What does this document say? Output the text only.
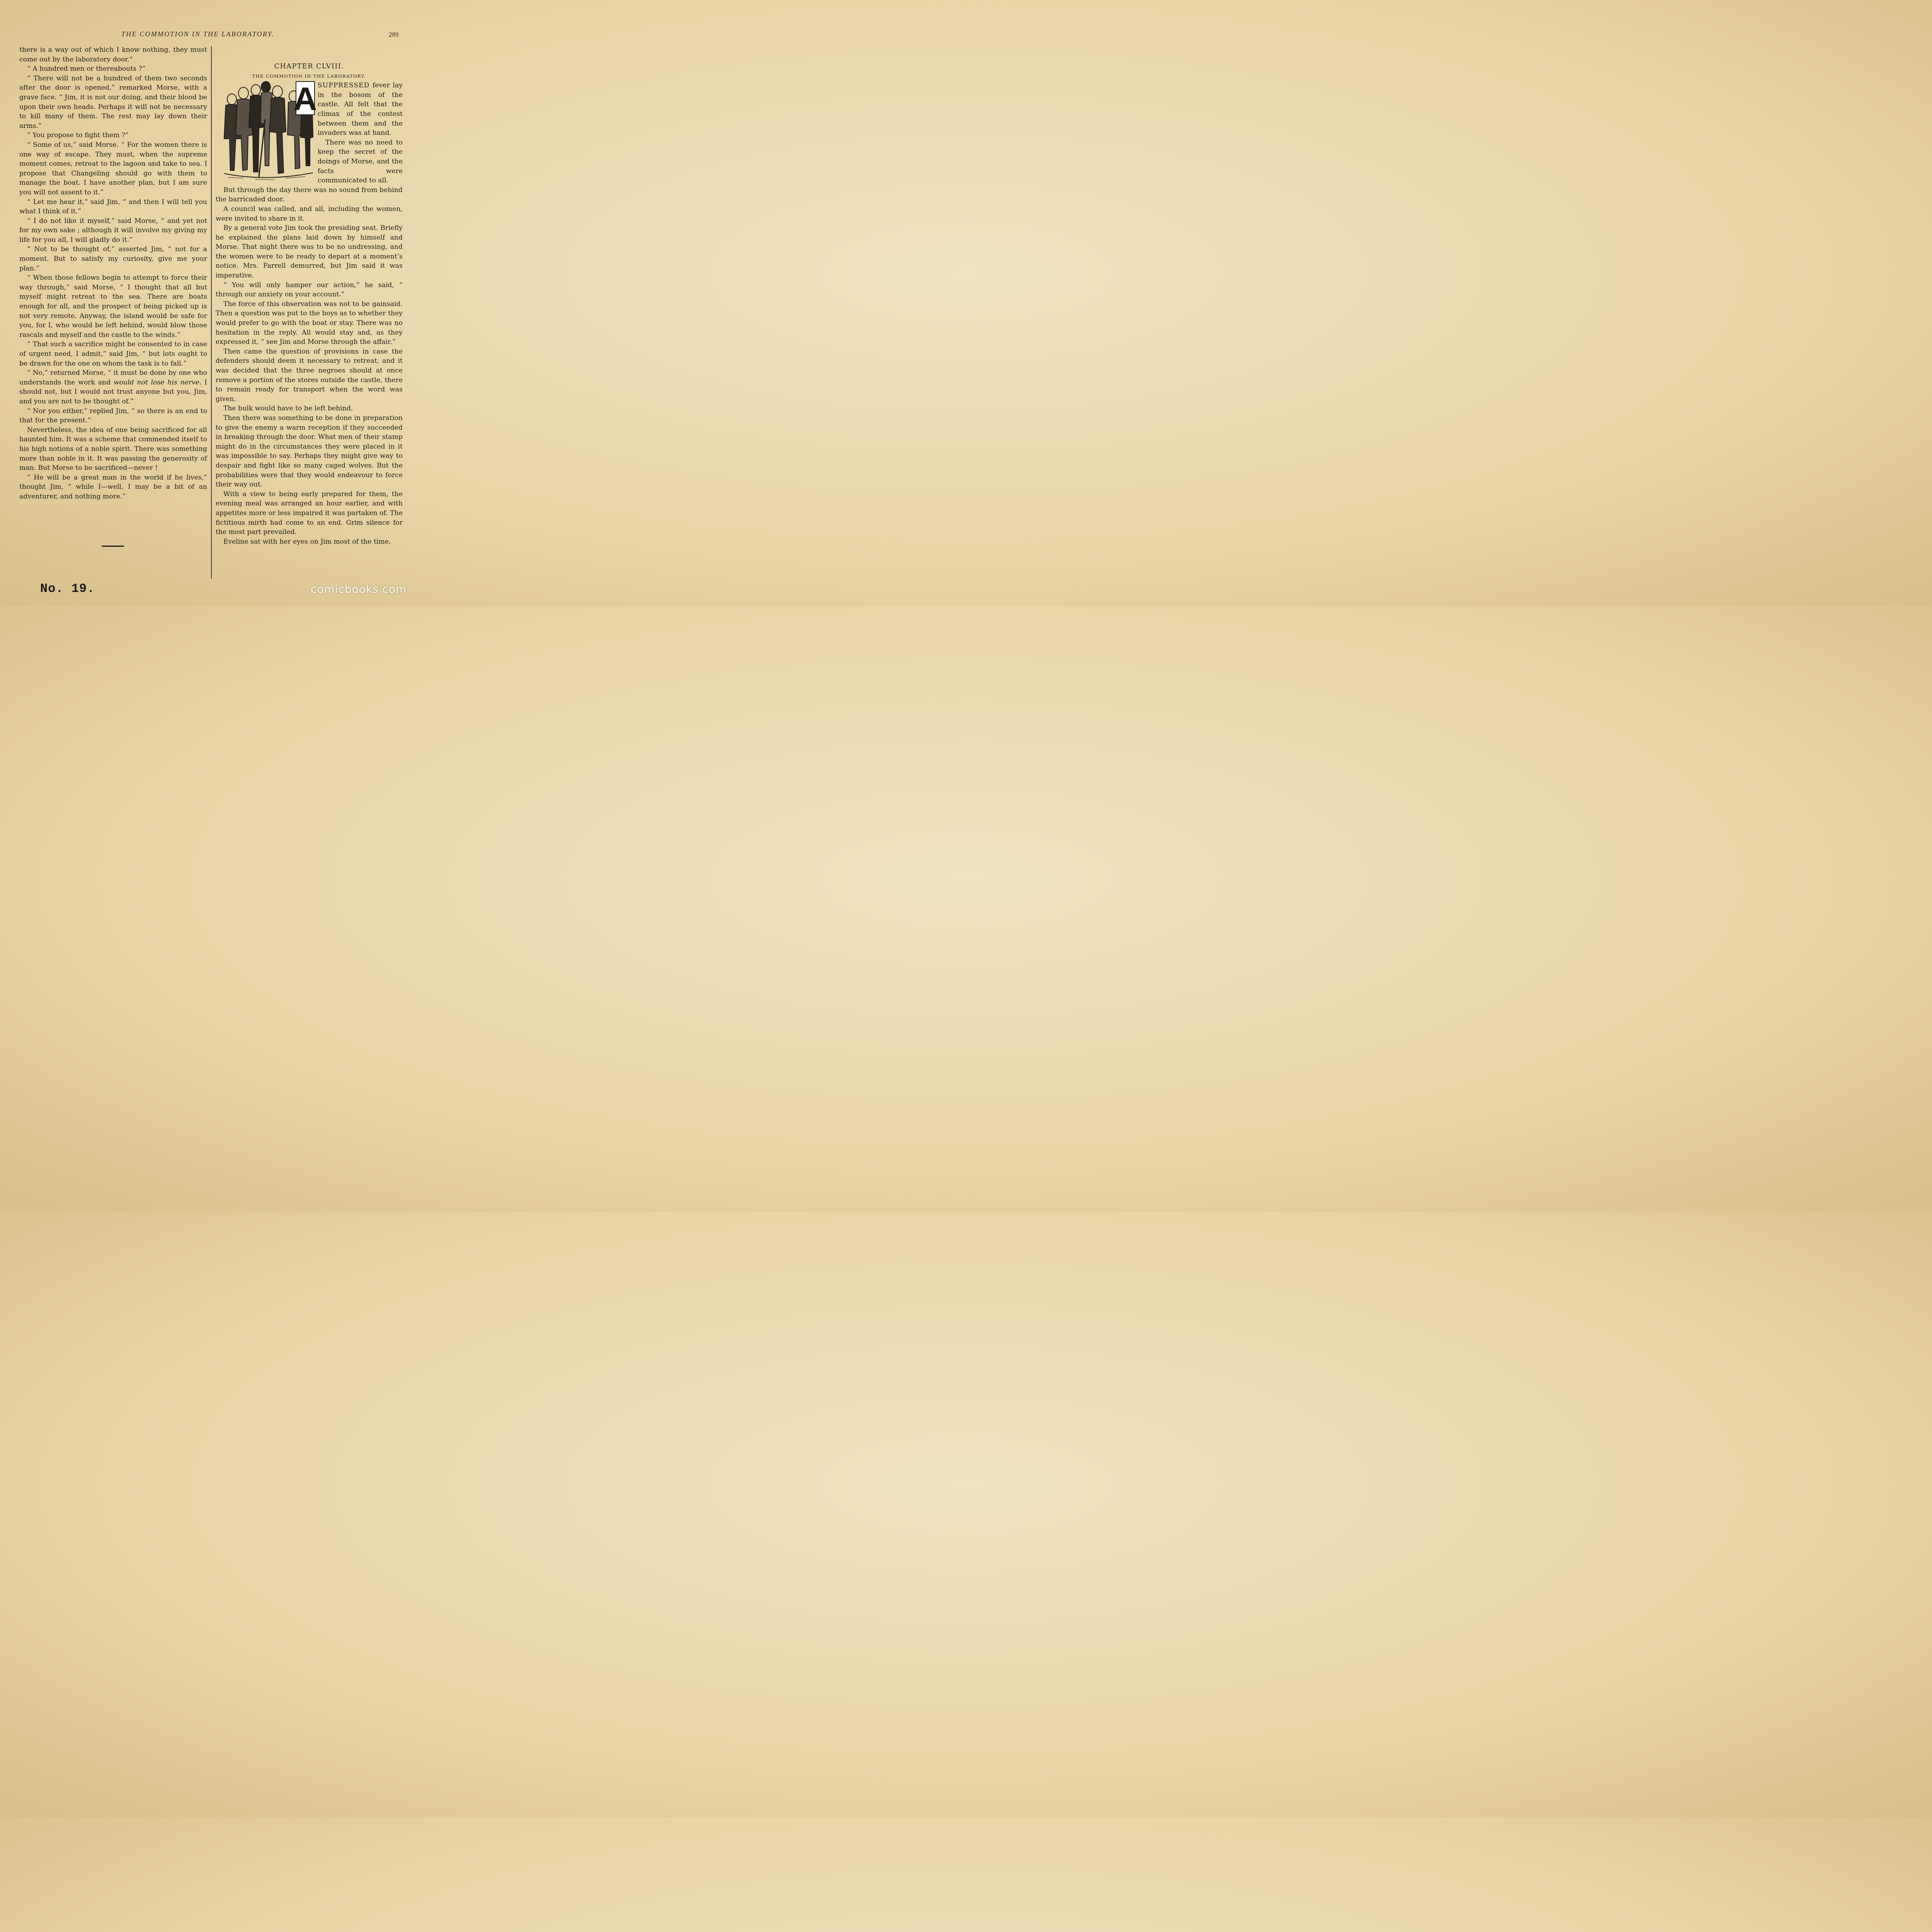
THE COMMOTION IN THE LABORATORY.	289

there is a way out of which I know nothing, they must come out by the laboratory door."

“ A hundred men or thereabouts ?”

“ There will not be a hundred of them two seconds after the door is opened,” remarked Morse, with a grave face. “ Jim, it is not our doing, and their blood be upon their own heads. Perhaps it will not be necessary to kill many of them. The rest may lay down their arms.”

“ You propose to fight them ?”

“ Some of us,” said Morse. “ For the women there is one way of escape. They must, when the supreme moment comes, retreat to the lagoon and take to sea. I propose that Changeling should go with them to manage the boat. I have another plan, but I am sure you will not assent to it.”

“ Let me hear it,” said Jim, “ and then I will tell you what I think of it.”

“ I do not like it myself,” said Morse, “ and yet not for my own sake ; although it will involve my giving my life for you all, I will gladly do it.”

“ Not to be thought of,” asserted Jim, “ not for a moment. But to satisfy my curiosity, give me your plan.”

“ When those fellows begin to attempt to force their way through,” said Morse, “ I thought that all but myself might retreat to the sea. There are boats enough for all, and the prospect of being picked up is not very remote. Anyway, the island would be safe for you, for I, who would be left behind, would blow those rascals and myself and the castle to the winds.”

“ That such a sacrifice might be consented to in case of urgent need, I admit,” said Jim, “ but lots ought to be drawn for the one on whom the task is to fall.”

“ No,” returned Morse, “ it must be done by one who understands the work and would not lose his nerve. I should not, but I would not trust anyone but you, Jim, and you are not to be thought of.”

“ Nor you either,” replied Jim, “ so there is an end to that for the present.”

Nevertheless, the idea of one being sacrificed for all haunted him. It was a scheme that commended itself to his high notions of a noble spirit. There was something more than noble in it. It was passing the generosity of man. But Morse to be sacrificed—never !

“ He will be a great man in the world if he lives,” thought Jim, “ while I—well, I may be a bit of an adventurer, and nothing more.”

CHAPTER CLVIII.

THE COMMOTION IN THE LABORATORY.

A SUPPRESSED fever lay in the bosom of the castle. All felt that the climax of the contest between them and the invaders was at hand.

There was no need to keep the secret of the doings of Morse, and the facts were communicated to all.

But through the day there was no sound from behind the barricaded door.

A council was called, and all, including the women, were invited to share in it.

By a general vote Jim took the presiding seat. Briefly he explained the plans laid down by himself and Morse. That night there was to be no undressing, and the women were to be ready to depart at a moment’s notice. Mrs. Farrell demurred, but Jim said it was imperative.

“ You will only hamper our action,” he said, “ through our anxiety on your account.”

The force of this observation was not to be gainsaid. Then a question was put to the boys as to whether they would prefer to go with the boat or stay. There was no hesitation in the reply. All would stay and, as they expressed it, “ see Jim and Morse through the affair.”

Then came the question of provisions in case the defenders should deem it necessary to retreat, and it was decided that the three negroes should at once remove a portion of the stores outside the castle, there to remain ready for transport when the word was given.

The bulk would have to be left behind.

Then there was something to be done in preparation to give the enemy a warm reception if they succeeded in breaking through the door. What men of their stamp might do in the circumstances they were placed in it was impossible to say. Perhaps they might give way to despair and fight like so many caged wolves. But the probabilities were that they would endeavour to force their way out.

With a view to being early prepared for them, the evening meal was arranged an hour earlier, and with appetites more or less impaired it was partaken of. The fictitious mirth had come to an end. Grim silence for the most part prevailed.

Eveline sat with her eyes on Jim most of the time,

No. 19.	comicbooks.com
